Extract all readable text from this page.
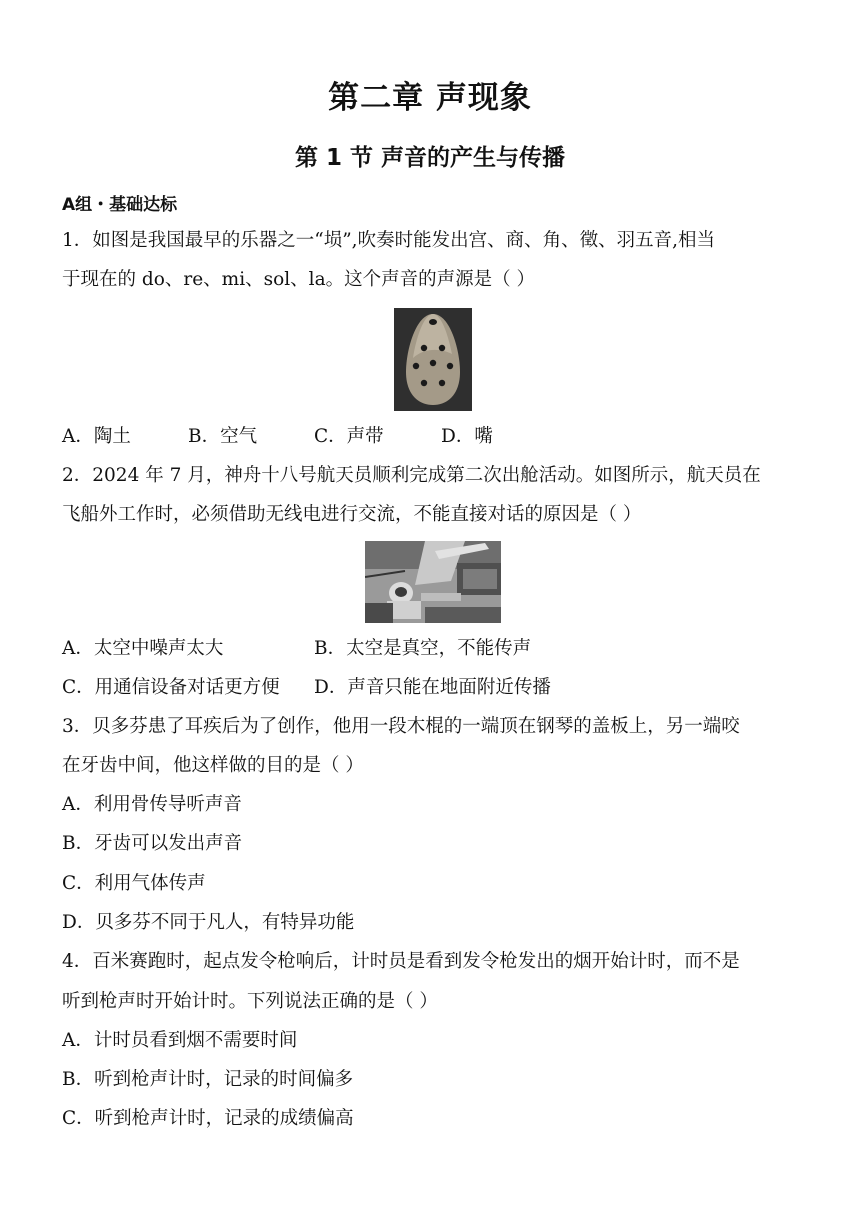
第二章 声现象
第 1 节 声音的产生与传播
A组・基础达标
1．如图是我国最早的乐器之一“埙”,吹奏时能发出宫、商、角、徵、羽五音,相当
于现在的 do、re、mi、sol、la。这个声音的声源是（ ）
A．陶土	B．空气	C．声带	D．嘴
2．2024 年 7 月，神舟十八号航天员顺利完成第二次出舱活动。如图所示，航天员在
飞船外工作时，必须借助无线电进行交流，不能直接对话的原因是（ ）
A．太空中噪声太大	B．太空是真空，不能传声
C．用通信设备对话更方便 D．声音只能在地面附近传播
3．贝多芬患了耳疾后为了创作，他用一段木棍的一端顶在钢琴的盖板上，另一端咬
在牙齿中间，他这样做的目的是（ ）
A．利用骨传导听声音
B．牙齿可以发出声音
C．利用气体传声
D．贝多芬不同于凡人，有特异功能
4．百米赛跑时，起点发令枪响后，计时员是看到发令枪发出的烟开始计时，而不是
听到枪声时开始计时。下列说法正确的是（ ）
A．计时员看到烟不需要时间
B．听到枪声计时，记录的时间偏多
C．听到枪声计时，记录的成绩偏高
